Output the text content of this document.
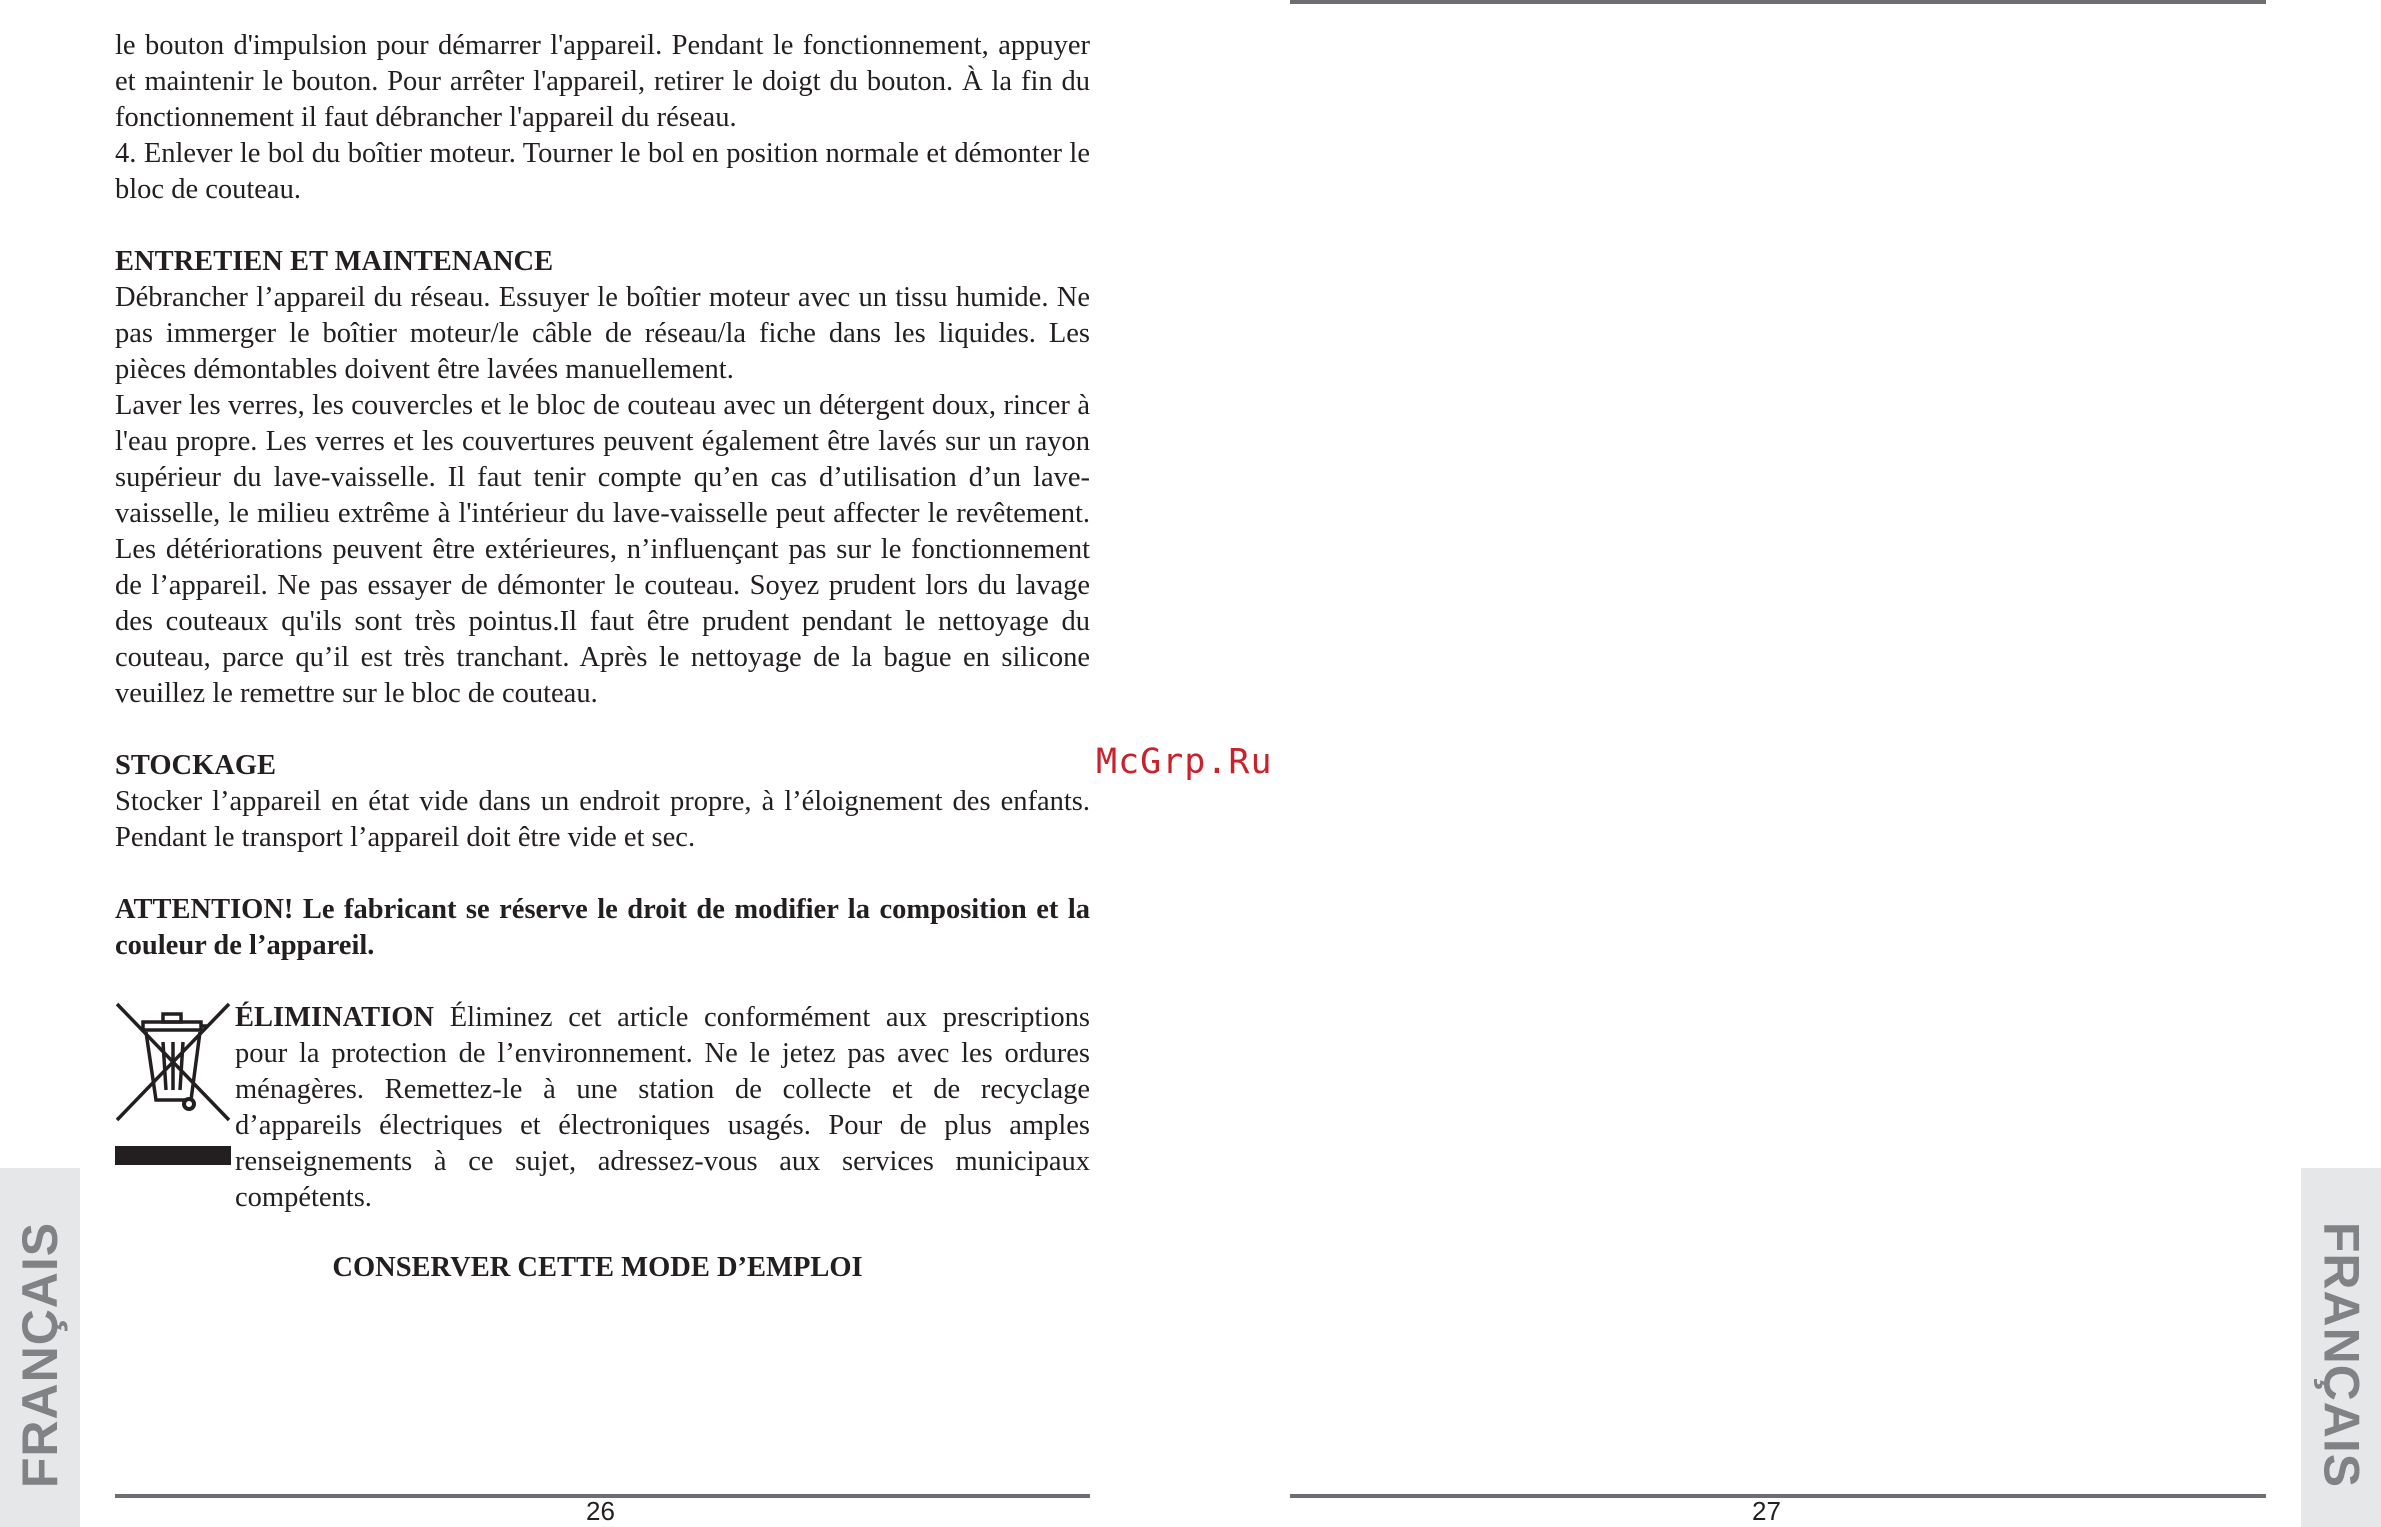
le bouton d'impulsion pour démarrer l'appareil. Pendant le fonctionnement, appuyer et maintenir le bouton. Pour arrêter l'appareil, retirer le doigt du bouton. À la fin du fonctionnement il faut débrancher l'appareil du réseau.

4. Enlever le bol du boîtier moteur. Tourner le bol en position normale et démonter le bloc de couteau.

ENTRETIEN ET MAINTENANCE

Débrancher l’appareil du réseau. Essuyer le boîtier moteur avec un tissu humide. Ne pas immerger le boîtier moteur/le câble de réseau/la fiche dans les liquides. Les pièces démontables doivent être lavées manuellement.

Laver les verres, les couvercles et le bloc de couteau avec un détergent doux, rincer à l'eau propre. Les verres et les couvertures peuvent également être lavés sur un rayon supérieur du lave-vaisselle. Il faut tenir compte qu’en cas d’utilisation d’un lave-vaisselle, le milieu extrême à l'intérieur du lave-vaisselle peut affecter le revêtement. Les détériorations peuvent être extérieures, n’influençant pas sur le fonctionnement de l’appareil. Ne pas essayer de démonter le couteau. Soyez prudent lors du lavage des couteaux qu'ils sont très pointus.Il faut être prudent pendant le nettoyage du couteau, parce qu’il est très tranchant. Après le nettoyage de la bague en silicone veuillez le remettre sur le bloc de couteau.

STOCKAGE

Stocker l’appareil en état vide dans un endroit propre, à l’éloignement des enfants. Pendant le transport l’appareil doit être vide et sec.

ATTENTION! Le fabricant se réserve le droit de modifier la composition et la couleur de l’appareil.

ÉLIMINATION Éliminez cet article conformément aux prescriptions pour la protection de l’environnement. Ne le jetez pas avec les ordures ménagères. Remettez-le à une station de collecte et de recyclage d’appareils électriques et électroniques usagés. Pour de plus amples renseignements à ce sujet, adressez-vous aux services municipaux compétents.

CONSERVER CETTE MODE D’EMPLOI

26
FRANÇAIS
27
FRANÇAIS
McGrp.Ru
